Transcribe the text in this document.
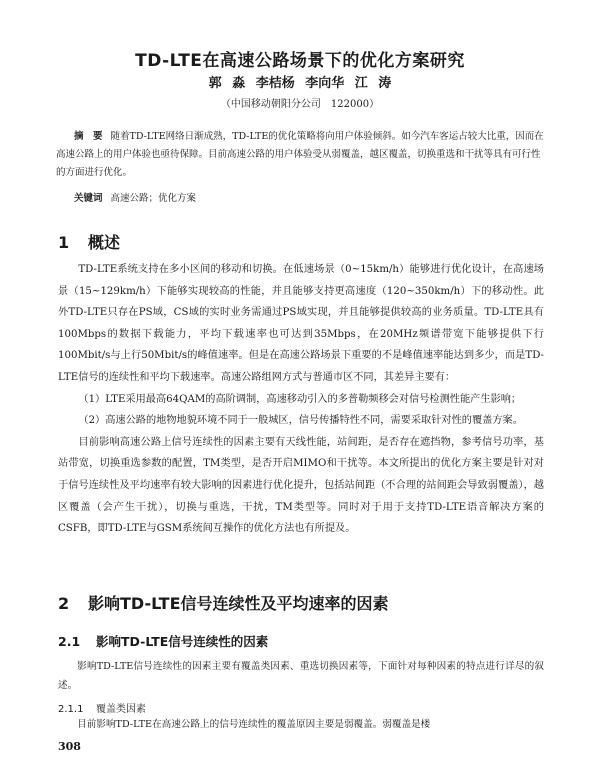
TD-LTE在高速公路场景下的优化方案研究
郭 淼 李桔杨 李向华 江 涛
（中国移动朝阳分公司　122000）
摘　要 随着TD-LTE网络日渐成熟，TD-LTE的优化策略将向用户体验倾斜。如今汽车客运占较大比重，因而在高速公路上的用户体验也亟待保障。目前高速公路的用户体验受从弱覆盖，越区覆盖，切换重选和干扰等具有可行性的方面进行优化。
关键词 高速公路；优化方案
1 概述

TD-LTE系统支持在多小区间的移动和切换。在低速场景（0~15km/h）能够进行优化设计，在高速场景（15~129km/h）下能够实现较高的性能，并且能够支持更高速度（120~350km/h）下的移动性。此外TD-LTE只存在PS域，CS域的实时业务需通过PS域实现，并且能够提供较高的业务质量。TD-LTE具有100Mbps的数据下载能力，平均下载速率也可达到35Mbps，在20MHz频谱带宽下能够提供下行100Mbit/s与上行50Mbit/s的峰值速率。但是在高速公路场景下重要的不是峰值速率能达到多少，而是TD-LTE信号的连续性和平均下载速率。高速公路组网方式与普通市区不同，其差异主要有：

（1）LTE采用最高64QAM的高阶调制，高速移动引入的多普勒频移会对信号检测性能产生影响；

（2）高速公路的地物地貌环境不同于一般城区，信号传播特性不同，需要采取针对性的覆盖方案。

目前影响高速公路上信号连续性的因素主要有天线性能，站间距，是否存在遮挡物，参考信号功率，基站带宽，切换重选参数的配置，TM类型，是否开启MIMO和干扰等。本文所提出的优化方案主要是针对对于信号连续性及平均速率有较大影响的因素进行优化提升，包括站间距（不合理的站间距会导致弱覆盖），越区覆盖（会产生干扰），切换与重选，干扰，TM类型等。同时对于用于支持TD-LTE语音解决方案的CSFB，即TD-LTE与GSM系统间互操作的优化方法也有所提及。

2 影响TD-LTE信号连续性及平均速率的因素
2.1 影响TD-LTE信号连续性的因素

影响TD-LTE信号连续性的因素主要有覆盖类因素、重选切换因素等，下面针对每种因素的特点进行详尽的叙述。

2.1.1 覆盖类因素

目前影响TD-LTE在高速公路上的信号连续性的覆盖原因主要是弱覆盖。弱覆盖是楼

308
